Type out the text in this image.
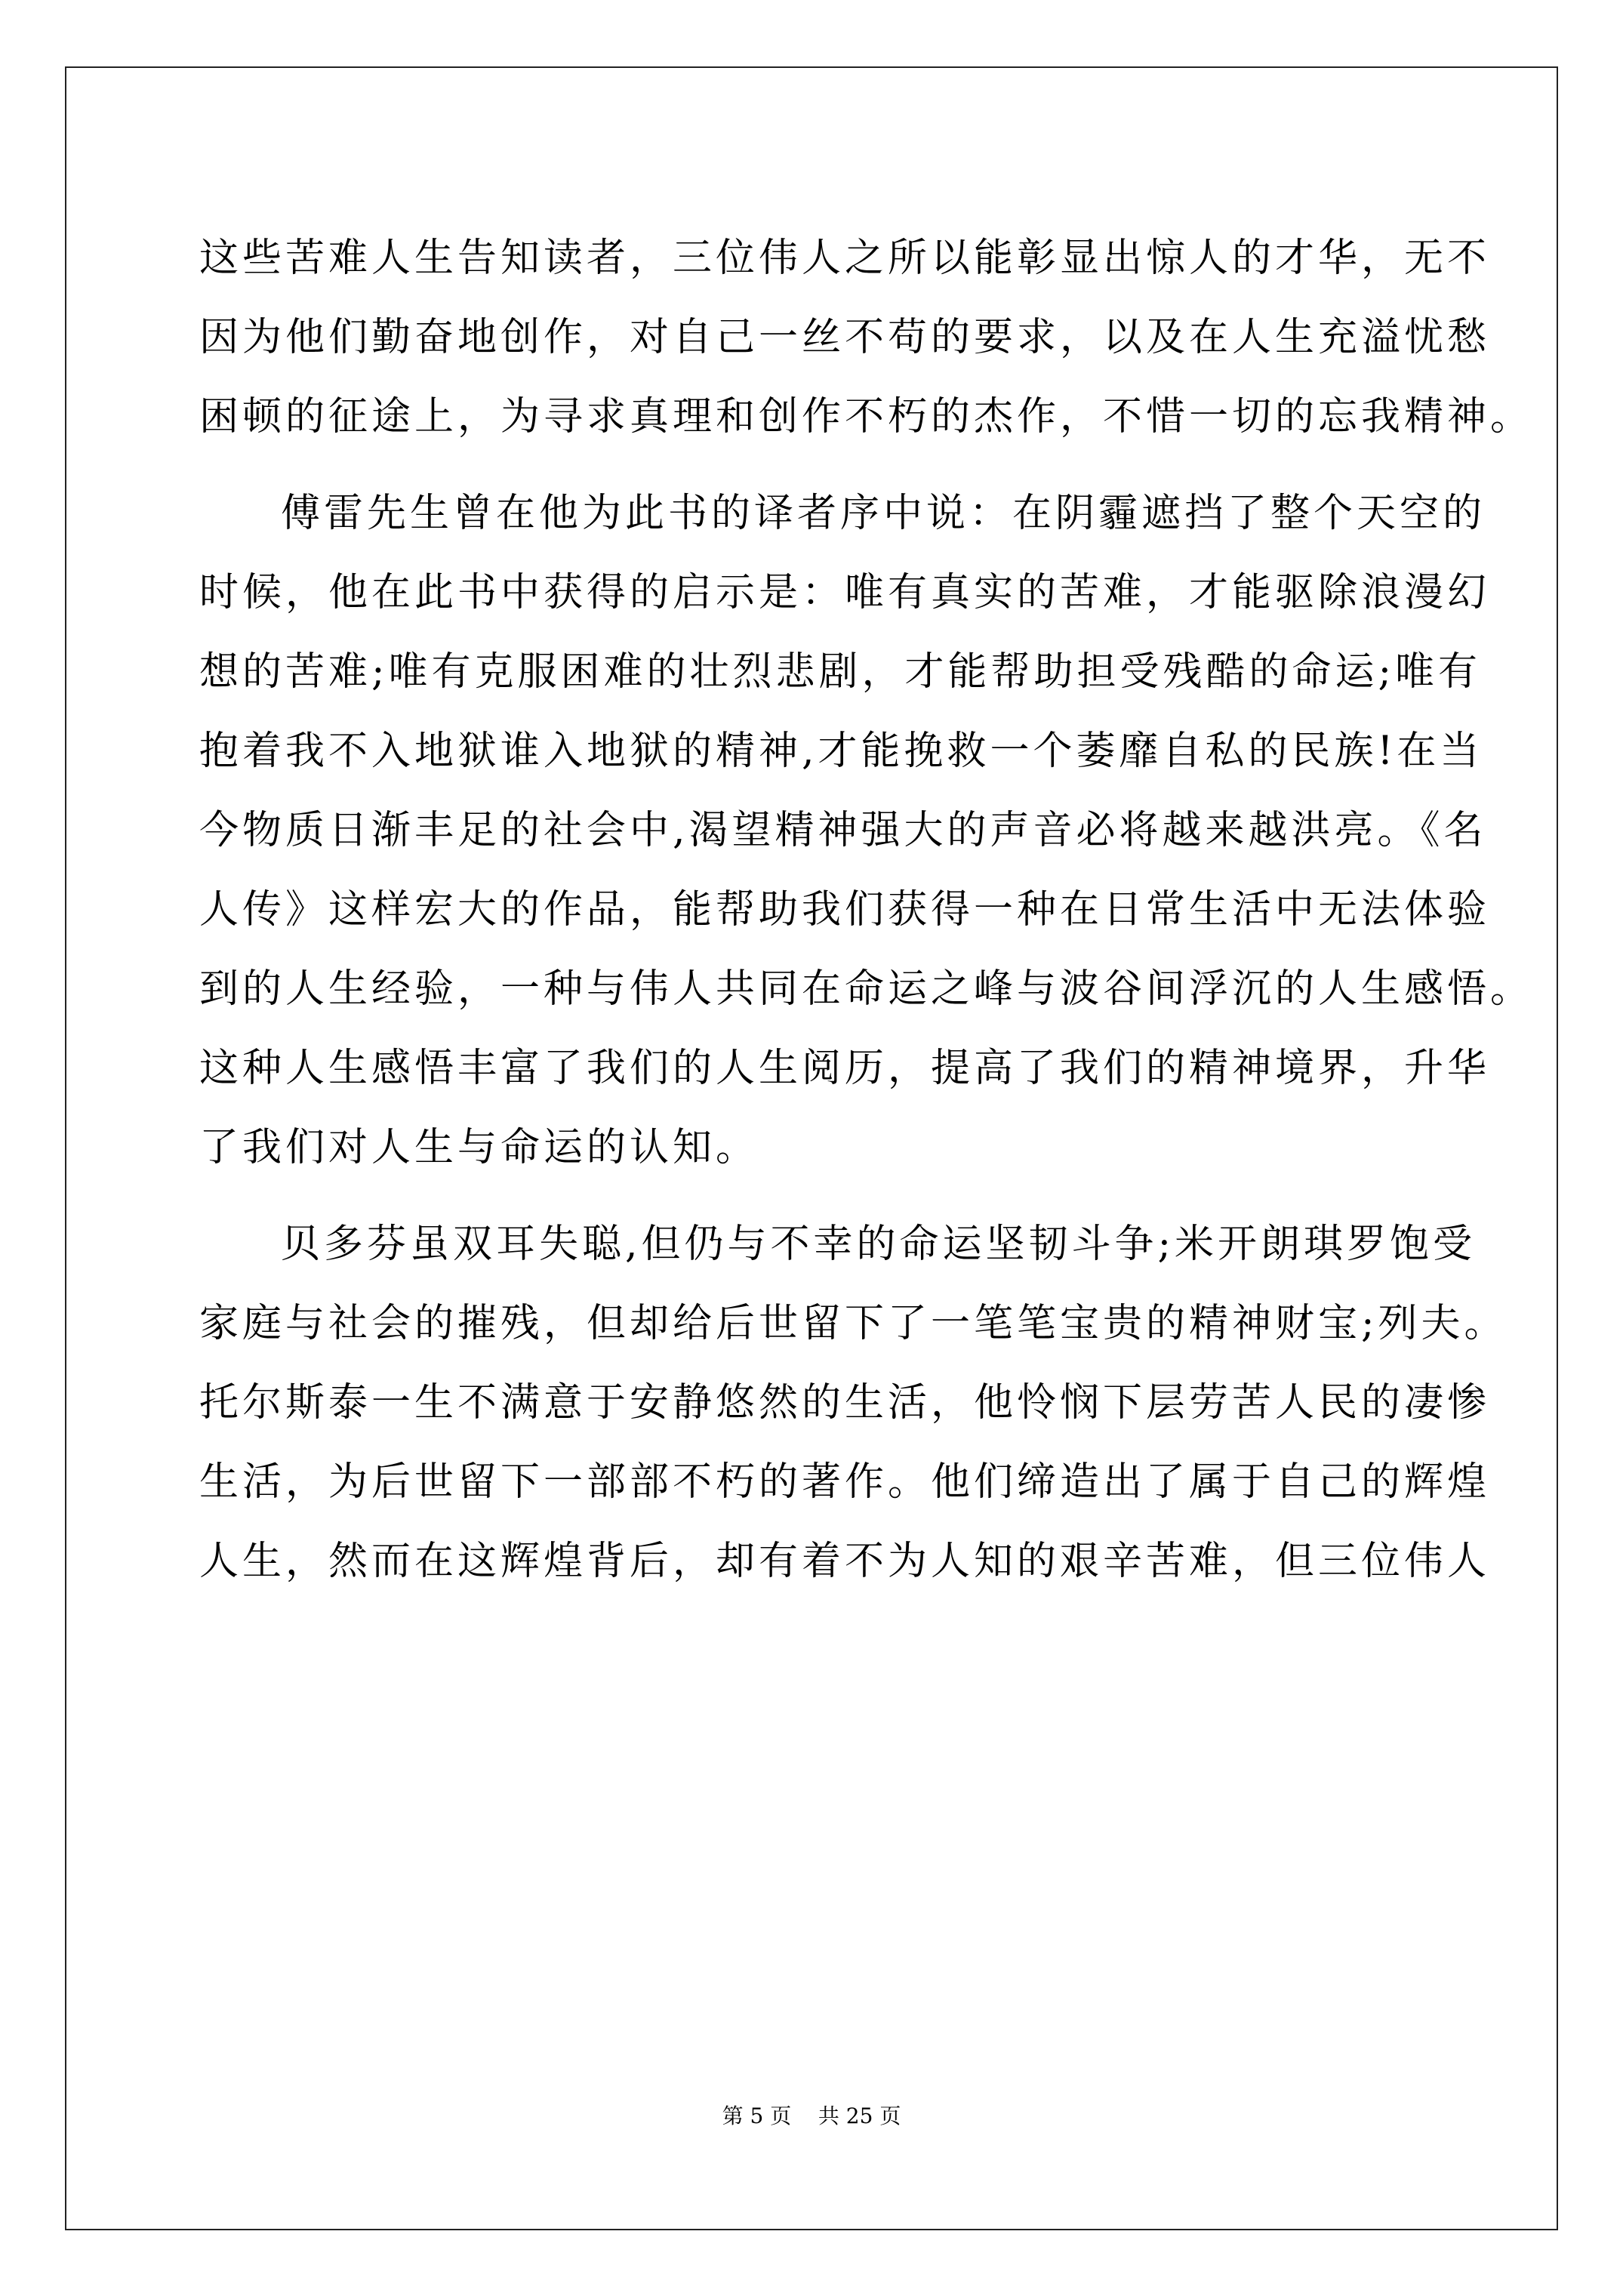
这些苦难人生告知读者，三位伟人之所以能彰显出惊人的才华，无不

因为他们勤奋地创作，对自己一丝不苟的要求，以及在人生充溢忧愁

困顿的征途上，为寻求真理和创作不朽的杰作，不惜一切的忘我精神。

傅雷先生曾在他为此书的译者序中说：在阴霾遮挡了整个天空的

时候，他在此书中获得的启示是：唯有真实的苦难，才能驱除浪漫幻

想的苦难;唯有克服困难的壮烈悲剧，才能帮助担受残酷的命运;唯有

抱着我不入地狱谁入地狱的精神,才能挽救一个萎靡自私的民族!在当

今物质日渐丰足的社会中,渴望精神强大的声音必将越来越洪亮。《名

人传》这样宏大的作品，能帮助我们获得一种在日常生活中无法体验

到的人生经验，一种与伟人共同在命运之峰与波谷间浮沉的人生感悟。

这种人生感悟丰富了我们的人生阅历，提高了我们的精神境界，升华

了我们对人生与命运的认知。

贝多芬虽双耳失聪,但仍与不幸的命运坚韧斗争;米开朗琪罗饱受

家庭与社会的摧残，但却给后世留下了一笔笔宝贵的精神财宝;列夫。

托尔斯泰一生不满意于安静悠然的生活，他怜悯下层劳苦人民的凄惨

生活，为后世留下一部部不朽的著作。他们缔造出了属于自己的辉煌

人生，然而在这辉煌背后，却有着不为人知的艰辛苦难，但三位伟人

第 5 页 共 25 页
